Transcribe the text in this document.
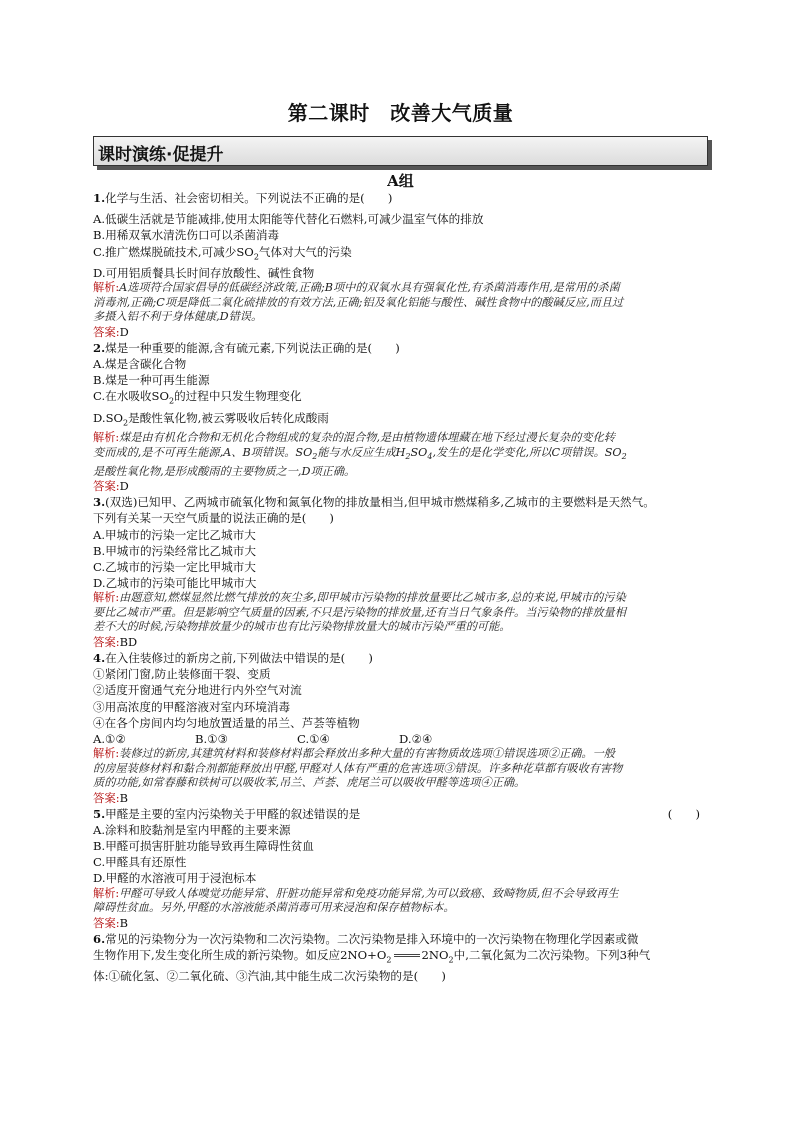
第二课时　改善大气质量
课时演练·促提升
A组
1.化学与生活、社会密切相关。下列说法不正确的是(　　)
A.低碳生活就是节能减排,使用太阳能等代替化石燃料,可减少温室气体的排放
B.用稀双氧水清洗伤口可以杀菌消毒
C.推广燃煤脱硫技术,可减少$SO_2$气体对大气的污染
D.可用铝质餐具长时间存放酸性、碱性食物
解析:A选项符合国家倡导的低碳经济政策,正确;B项中的双氧水具有强氧化性,有杀菌消毒作用,是常用的杀菌
消毒剂,正确;C项是降低二氧化硫排放的有效方法,正确;铝及氧化铝能与酸性、碱性食物中的酸碱反应,而且过
多摄入铝不利于身体健康,D错误。
答案:D
2.煤是一种重要的能源,含有硫元素,下列说法正确的是(　　)
A.煤是含碳化合物
B.煤是一种可再生能源
C.在水吸收$SO_2$的过程中只发生物理变化
$D.SO_2$是酸性氧化物,被云雾吸收后转化成酸雨
解析:煤是由有机化合物和无机化合物组成的复杂的混合物,是由植物遗体埋藏在地下经过漫长复杂的变化转
变而成的,是不可再生能源,A、B项错误。$SO_2$能与水反应生成$H_2SO_4$,发生的是化学变化,所以C项错误。$SO_2$
是酸性氧化物,是形成酸雨的主要物质之一,D项正确。
答案:D
3.(双选)已知甲、乙两城市硫氧化物和氮氧化物的排放量相当,但甲城市燃煤稍多,乙城市的主要燃料是天然气。
下列有关某一天空气质量的说法正确的是(　　)
A.甲城市的污染一定比乙城市大
B.甲城市的污染经常比乙城市大
C.乙城市的污染一定比甲城市大
D.乙城市的污染可能比甲城市大
解析:由题意知,燃煤显然比燃气排放的灰尘多,即甲城市污染物的排放量要比乙城市多,总的来说,甲城市的污染
要比乙城市严重。但是影响空气质量的因素,不只是污染物的排放量,还有当日气象条件。当污染物的排放量相
差不大的时候,污染物排放量少的城市也有比污染物排放量大的城市污染严重的可能。
答案:BD
4.在入住装修过的新房之前,下列做法中错误的是(　　)
①紧闭门窗,防止装修面干裂、变质
②适度开窗通气充分地进行内外空气对流
③用高浓度的甲醛溶液对室内环境消毒
④在各个房间内均匀地放置适量的吊兰、芦荟等植物
A.①②	B.①③	C.①④	D.②④
解析:装修过的新房,其建筑材料和装修材料都会释放出多种大量的有害物质故选项①错误选项②正确。一般
的房屋装修材料和黏合剂都能释放出甲醛,甲醛对人体有严重的危害选项③错误。许多种花草都有吸收有害物
质的功能,如常春藤和铁树可以吸收苯,吊兰、芦荟、虎尾兰可以吸收甲醛等选项④正确。
答案:B
5.甲醛是主要的室内污染物关于甲醛的叙述错误的是	(　　)
A.涂料和胶黏剂是室内甲醛的主要来源
B.甲醛可损害肝脏功能导致再生障碍性贫血
C.甲醛具有还原性
D.甲醛的水溶液可用于浸泡标本
解析:甲醛可导致人体嗅觉功能异常、肝脏功能异常和免疫功能异常,为可以致癌、致畸物质,但不会导致再生
障碍性贫血。另外,甲醛的水溶液能杀菌消毒可用来浸泡和保存植物标本。
答案:B
6.常见的污染物分为一次污染物和二次污染物。二次污染物是排入环境中的一次污染物在物理化学因素或微
生物作用下,发生变化所生成的新污染物。如反应$2NO+O_2$	$2NO_2$中,二氧化氮为二次污染物。下列3种气
体:①硫化氢、②二氧化硫、③汽油,其中能生成二次污染物的是(　　)
